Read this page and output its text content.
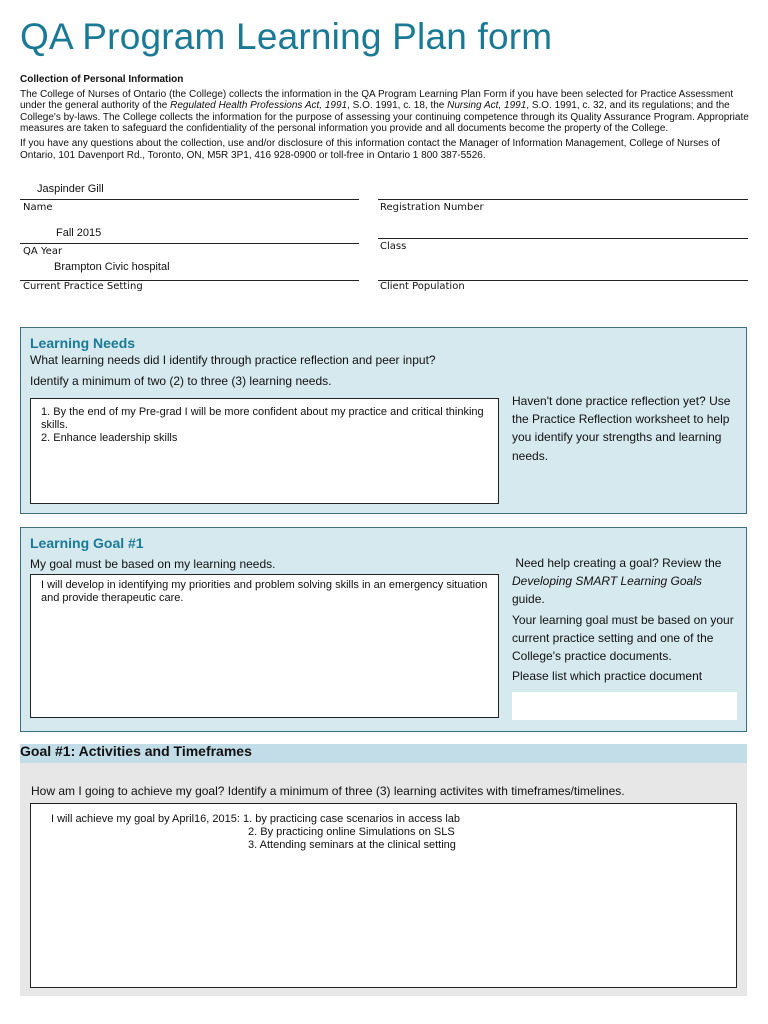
QA Program Learning Plan form
Collection of Personal Information

The College of Nurses of Ontario (the College) collects the information in the QA Program Learning Plan Form if you have been selected for Practice Assessment under the general authority of the Regulated Health Professions Act, 1991, S.O. 1991, c. 18, the Nursing Act, 1991, S.O. 1991, c. 32, and its regulations; and the College's by-laws. The College collects the information for the purpose of assessing your continuing competence through its Quality Assurance Program. Appropriate measures are taken to safeguard the confidentiality of the personal information you provide and all documents become the property of the College.

If you have any questions about the collection, use and/or disclosure of this information contact the Manager of Information Management, College of Nurses of Ontario, 101 Davenport Rd., Toronto, ON, M5R 3P1, 416 928-0900 or toll-free in Ontario 1 800 387-5526.

Jaspinder Gill
Name	Registration Number
Fall 2015
QA Year	Class
Brampton Civic hospital
Current Practice Setting	Client Population
Learning Needs
What learning needs did I identify through practice reflection and peer input?
Identify a minimum of two (2) to three (3) learning needs.
1. By the end of my Pre-grad I will be more confident about my practice and critical thinking skills.
2. Enhance leadership skills
Haven't done practice reflection yet? Use the Practice Reflection worksheet to help you identify your strengths and learning needs.
Learning Goal #1
My goal must be based on my learning needs.
I will develop in identifying my priorities and problem solving skills in an emergency situation and provide therapeutic care.

Need help creating a goal? Review the

Developing SMART Learning Goals

guide.

Your learning goal must be based on your current practice setting and one of the College's practice documents.

Please list which practice document

Goal #1: Activities and Timeframes
How am I going to achieve my goal? Identify a minimum of three (3) learning activites with timeframes/timelines.
I will achieve my goal by April16, 2015: 1. by practicing case scenarios in access lab
2. By practicing online Simulations on SLS
3. Attending seminars at the clinical setting
